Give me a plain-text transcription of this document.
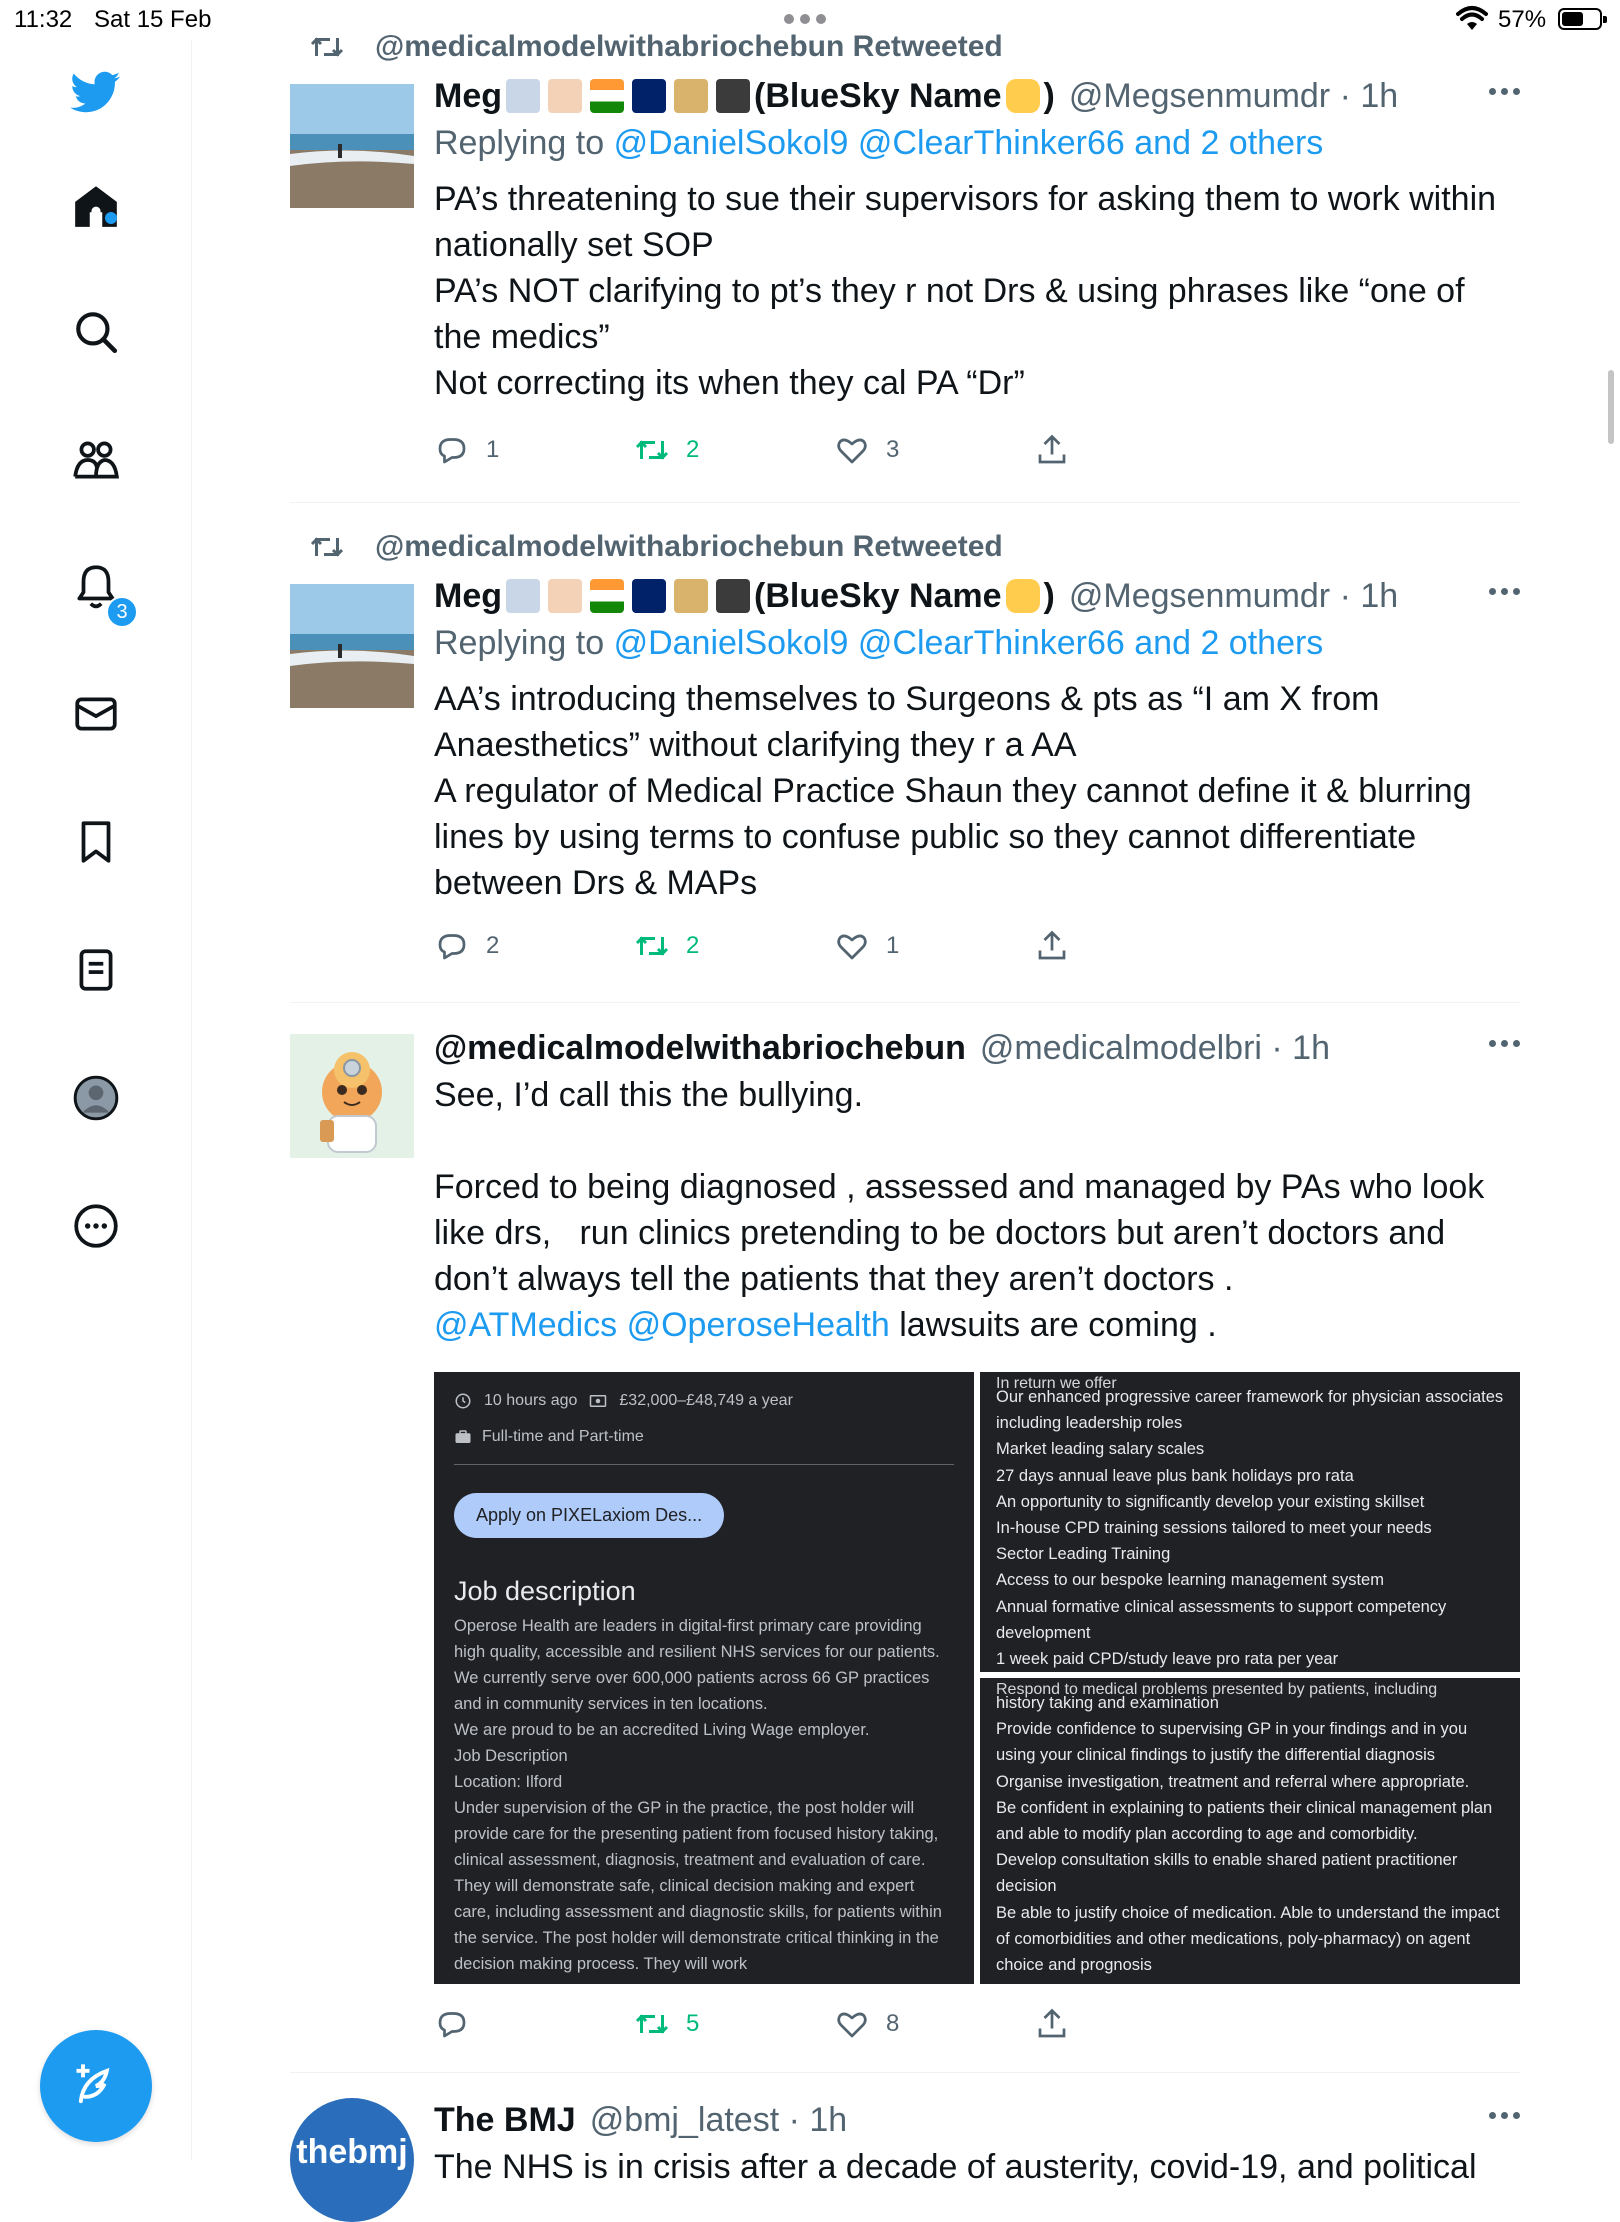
11:32 Sat 15 Feb	57%
3
@medicalmodelwithabriochebun Retweeted
Meg	(BlueSky Name ) @Megsenmumdr · 1h
Replying to @DanielSokol9 @ClearThinker66 and 2 others
PA’s threatening to sue their supervisors for asking them to work within nationally set SOP
PA’s NOT clarifying to pt’s they r not Drs & using phrases like “one of the medics”
Not correcting its when they cal PA “Dr”
1	2	3
@medicalmodelwithabriochebun Retweeted
Meg	(BlueSky Name ) @Megsenmumdr · 1h
Replying to @DanielSokol9 @ClearThinker66 and 2 others
AA’s introducing themselves to Surgeons & pts as “I am X from Anaesthetics” without clarifying they r a AA
A regulator of Medical Practice Shaun they cannot define it & blurring lines by using terms to confuse public so they cannot differentiate between Drs & MAPs
2	2	1
@medicalmodelwithabriochebun @medicalmodelbri · 1h
See, I’d call this the bullying.

Forced to being diagnosed , assessed and managed by PAs who look like drs,   run clinics pretending to be doctors but aren’t doctors and don’t always tell the patients that they aren’t doctors .
@ATMedics @OperoseHealth lawsuits are coming .
10 hours ago	£32,000–£48,749 a year
Full-time and Part-time
Apply on PIXELaxiom Des...
Job description
Operose Health are leaders in digital-first primary care providing high quality, accessible and resilient NHS services for our patients. We currently serve over 600,000 patients across 66 GP practices and in community services in ten locations.
We are proud to be an accredited Living Wage employer.
Job Description
Location: Ilford
Under supervision of the GP in the practice, the post holder will provide care for the presenting patient from focused history taking, clinical assessment, diagnosis, treatment and evaluation of care. They will demonstrate safe, clinical decision making and expert care, including assessment and diagnostic skills, for patients within the service. The post holder will demonstrate critical thinking in the decision making process. They will work
In return we offer
Our enhanced progressive career framework for physician associates including leadership roles
Market leading salary scales
27 days annual leave plus bank holidays pro rata
An opportunity to significantly develop your existing skillset
In-house CPD training sessions tailored to meet your needs
Sector Leading Training
Access to our bespoke learning management system
Annual formative clinical assessments to support competency development
1 week paid CPD/study leave pro rata per year
Respond to medical problems presented by patients, including
history taking and examination
Provide confidence to supervising GP in your findings and in you using your clinical findings to justify the differential diagnosis
Organise investigation, treatment and referral where appropriate.
Be confident in explaining to patients their clinical management plan and able to modify plan according to age and comorbidity.
Develop consultation skills to enable shared patient practitioner decision
Be able to justify choice of medication. Able to understand the impact of comorbidities and other medications, poly-pharmacy) on agent choice and prognosis
5	8
thebmj
The BMJ @bmj_latest · 1h
The NHS is in crisis after a decade of austerity, covid-19, and political
